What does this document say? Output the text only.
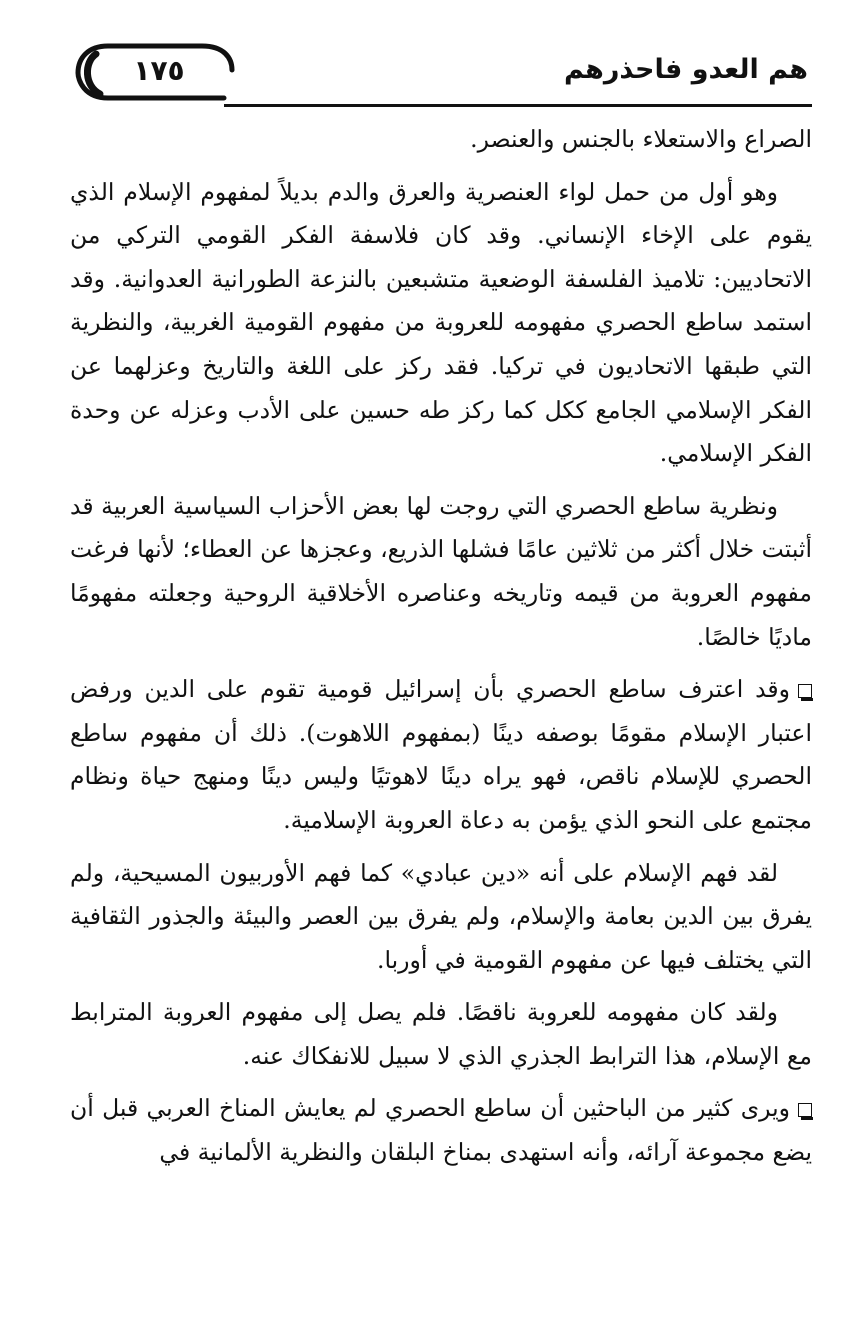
١٧٥	هم العدو فاحذرهم

الصراع والاستعلاء بالجنس والعنصر.

وهو أول من حمل لواء العنصرية والعرق والدم بديلاً لمفهوم الإسلام الذي يقوم على الإخاء الإنساني. وقد كان فلاسفة الفكر القومي التركي من الاتحاديين: تلاميذ الفلسفة الوضعية متشبعين بالنزعة الطورانية العدوانية. وقد استمد ساطع الحصري مفهومه للعروبة من مفهوم القومية الغربية، والنظرية التي طبقها الاتحاديون في تركيا. فقد ركز على اللغة والتاريخ وعزلهما عن الفكر الإسلامي الجامع ككل كما ركز طه حسين على الأدب وعزله عن وحدة الفكر الإسلامي.

ونظرية ساطع الحصري التي روجت لها بعض الأحزاب السياسية العربية قد أثبتت خلال أكثر من ثلاثين عامًا فشلها الذريع، وعجزها عن العطاء؛ لأنها فرغت مفهوم العروبة من قيمه وتاريخه وعناصره الأخلاقية الروحية وجعلته مفهومًا ماديًا خالصًا.

وقد اعترف ساطع الحصري بأن إسرائيل قومية تقوم على الدين ورفض اعتبار الإسلام مقومًا بوصفه دينًا (بمفهوم اللاهوت). ذلك أن مفهوم ساطع الحصري للإسلام ناقص، فهو يراه دينًا لاهوتيًا وليس دينًا ومنهج حياة ونظام مجتمع على النحو الذي يؤمن به دعاة العروبة الإسلامية.

لقد فهم الإسلام على أنه «دين عبادي» كما فهم الأوربيون المسيحية، ولم يفرق بين الدين بعامة والإسلام، ولم يفرق بين العصر والبيئة والجذور الثقافية التي يختلف فيها عن مفهوم القومية في أوربا.

ولقد كان مفهومه للعروبة ناقصًا. فلم يصل إلى مفهوم العروبة المترابط مع الإسلام، هذا الترابط الجذري الذي لا سبيل للانفكاك عنه.

ويرى كثير من الباحثين أن ساطع الحصري لم يعايش المناخ العربي قبل أن يضع مجموعة آرائه، وأنه استهدى بمناخ البلقان والنظرية الألمانية في
